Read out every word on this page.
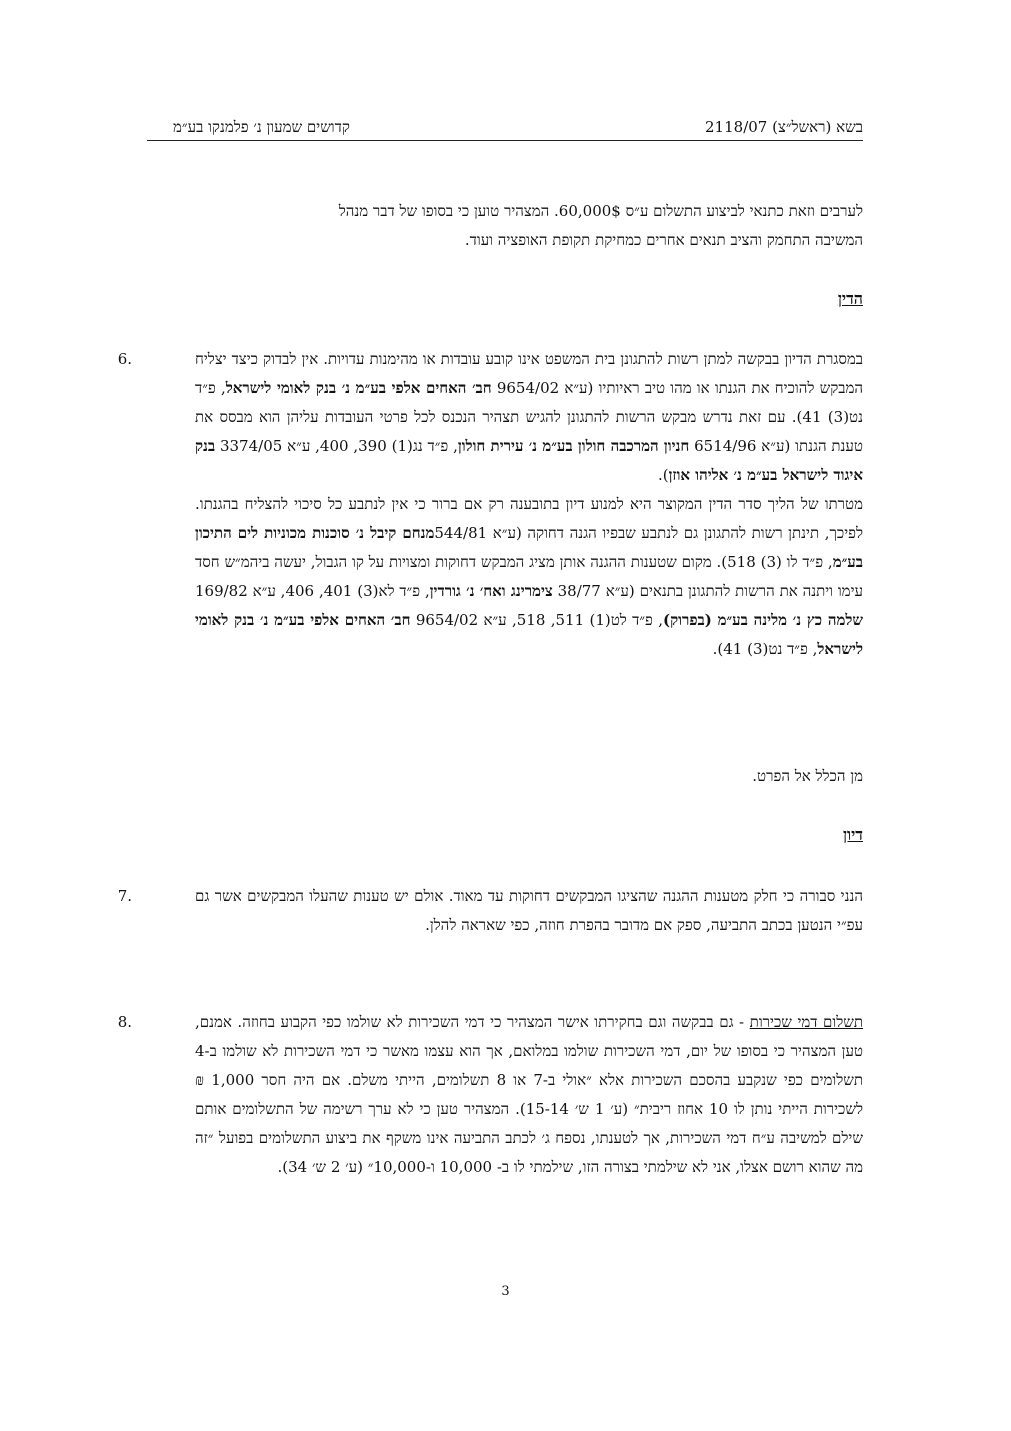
בשא (ראשל״צ) 2118/07
קדושים שמעון נ׳ פלמנקו בע״מ
לערבים וזאת כתנאי לביצוע התשלום ע״ס 60,000$. המצהיר טוען כי בסופו של דבר מנהל
המשיבה התחמק והציב תנאים אחרים כמחיקת תקופת האופציה ועוד.
הדין
6.	במסגרת הדיון בבקשה למתן רשות להתגונן בית המשפט אינו קובע עובדות או מהימנות עדויות. אין לבדוק כיצד יצליח המבקש להוכיח את הגנתו או מהו טיב ראיותיו (ע״א 9654/02 חב׳ האחים אלפי בע״מ נ׳ בנק לאומי לישראל, פ״ד נט(3) 41). עם זאת נדרש מבקש הרשות להתגונן להגיש תצהיר הנכנס לכל פרטי העובדות עליהן הוא מבסס את טענת הגנתו (ע״א 6514/96 חניון המרכבה חולון בע״מ נ׳ עירית חולון, פ״ד נג(1) 390, 400, ע״א 3374/05 בנק איגוד לישראל בע״מ נ׳ אליהו אוזן).
מטרתו של הליך סדר הדין המקוצר היא למנוע דיון בתובענה רק אם ברור כי אין לנתבע כל סיכוי להצליח בהגנתו. לפיכך, תינתן רשות להתגונן גם לנתבע שבפיו הגנה דחוקה (ע״א 544/81מנחם קיבל נ׳ סוכנות מכוניות לים התיכון בע״מ, פ״ד לו (3) 518). מקום שטענות ההגנה אותן מציג המבקש דחוקות ומצויות על קו הגבול, יעשה ביהמ״ש חסד עימו ויתנה את הרשות להתגונן בתנאים (ע״א 38/77 צימרינג ואח׳ נ׳ גורדין, פ״ד לא(3) 401, 406, ע״א 169/82 שלמה כץ נ׳ מלינה בע״מ (בפרוק), פ״ד לט(1) 511, 518, ע״א 9654/02 חב׳ האחים אלפי בע״מ נ׳ בנק לאומי לישראל, פ״ד נט(3) 41).
מן הכלל אל הפרט.
דיון
7.	הנני סבורה כי חלק מטענות ההגנה שהציגו המבקשים דחוקות עד מאוד. אולם יש טענות שהעלו המבקשים אשר גם עפ״י הנטען בכתב התביעה, ספק אם מדובר בהפרת חוזה, כפי שאראה להלן.
8.	תשלום דמי שכירות - גם בבקשה וגם בחקירתו אישר המצהיר כי דמי השכירות לא שולמו כפי הקבוע בחוזה. אמנם, טען המצהיר כי בסופו של יום, דמי השכירות שולמו במלואם, אך הוא עצמו מאשר כי דמי השכירות לא שולמו ב-4 תשלומים כפי שנקבע בהסכם השכירות אלא ״אולי ב-7 או 8 תשלומים, הייתי משלם. אם היה חסר 1,000 ₪ לשכירות הייתי נותן לו 10 אחוז ריבית״ (ע׳ 1 ש׳ 15-14). המצהיר טען כי לא ערך רשימה של התשלומים אותם שילם למשיבה ע״ח דמי השכירות, אך לטענתו, נספח ג׳ לכתב התביעה אינו משקף את ביצוע התשלומים בפועל ״זה מה שהוא רושם אצלו, אני לא שילמתי בצורה הזו, שילמתי לו ב- 10,000 ו-10,000״ (ע׳ 2 ש׳ 34).
3
